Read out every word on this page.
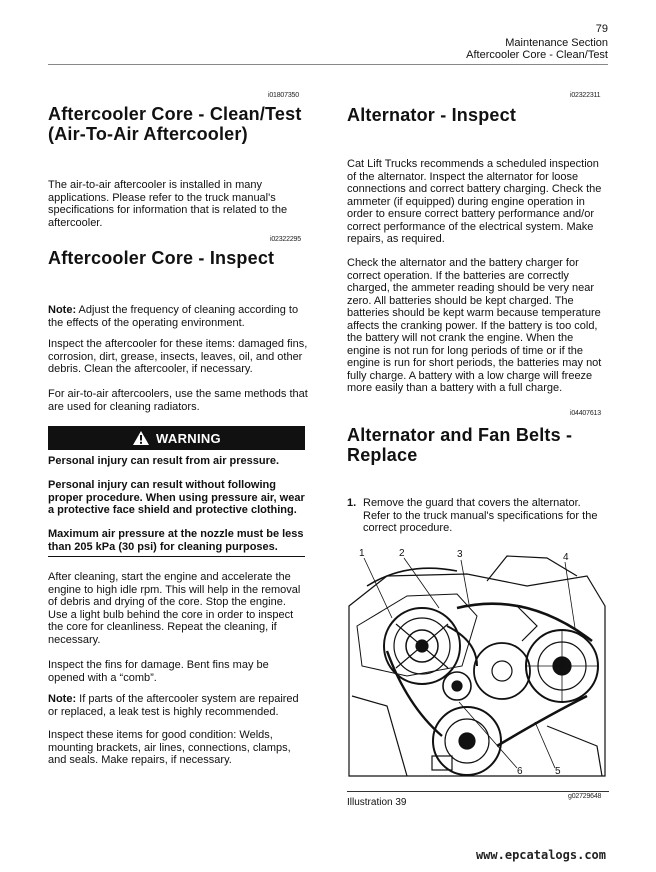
79
Maintenance Section
Aftercooler Core - Clean/Test
i01807350
Aftercooler Core - Clean/Test (Air-To-Air Aftercooler)
The air-to-air aftercooler is installed in many applications. Please refer to the truck manual's specifications for information that is related to the aftercooler.
i02322295
Aftercooler Core - Inspect
Note: Adjust the frequency of cleaning according to the effects of the operating environment.
Inspect the aftercooler for these items: damaged fins, corrosion, dirt, grease, insects, leaves, oil, and other debris. Clean the aftercooler, if necessary.
For air-to-air aftercoolers, use the same methods that are used for cleaning radiators.
WARNING
Personal injury can result from air pressure.
Personal injury can result without following proper procedure. When using pressure air, wear a protective face shield and protective clothing.
Maximum air pressure at the nozzle must be less than 205 kPa (30 psi) for cleaning purposes.
After cleaning, start the engine and accelerate the engine to high idle rpm. This will help in the removal of debris and drying of the core. Stop the engine. Use a light bulb behind the core in order to inspect the core for cleanliness. Repeat the cleaning, if necessary.
Inspect the fins for damage. Bent fins may be opened with a “comb”.
Note: If parts of the aftercooler system are repaired or replaced, a leak test is highly recommended.
Inspect these items for good condition: Welds, mounting brackets, air lines, connections, clamps, and seals. Make repairs, if necessary.
i02322311
Alternator - Inspect
Cat Lift Trucks recommends a scheduled inspection of the alternator. Inspect the alternator for loose connections and correct battery charging. Check the ammeter (if equipped) during engine operation in order to ensure correct battery performance and/or correct performance of the electrical system. Make repairs, as required.
Check the alternator and the battery charger for correct operation. If the batteries are correctly charged, the ammeter reading should be very near zero. All batteries should be kept charged. The batteries should be kept warm because temperature affects the cranking power. If the battery is too cold, the battery will not crank the engine. When the engine is not run for long periods of time or if the engine is run for short periods, the batteries may not fully charge. A battery with a low charge will freeze more easily than a battery with a full charge.
i04407613
Alternator and Fan Belts - Replace
1. Remove the guard that covers the alternator. Refer to the truck manual's specifications for the correct procedure.
1	2	3	4
5
6
Illustration 39
g02729648
www.epcatalogs.com
